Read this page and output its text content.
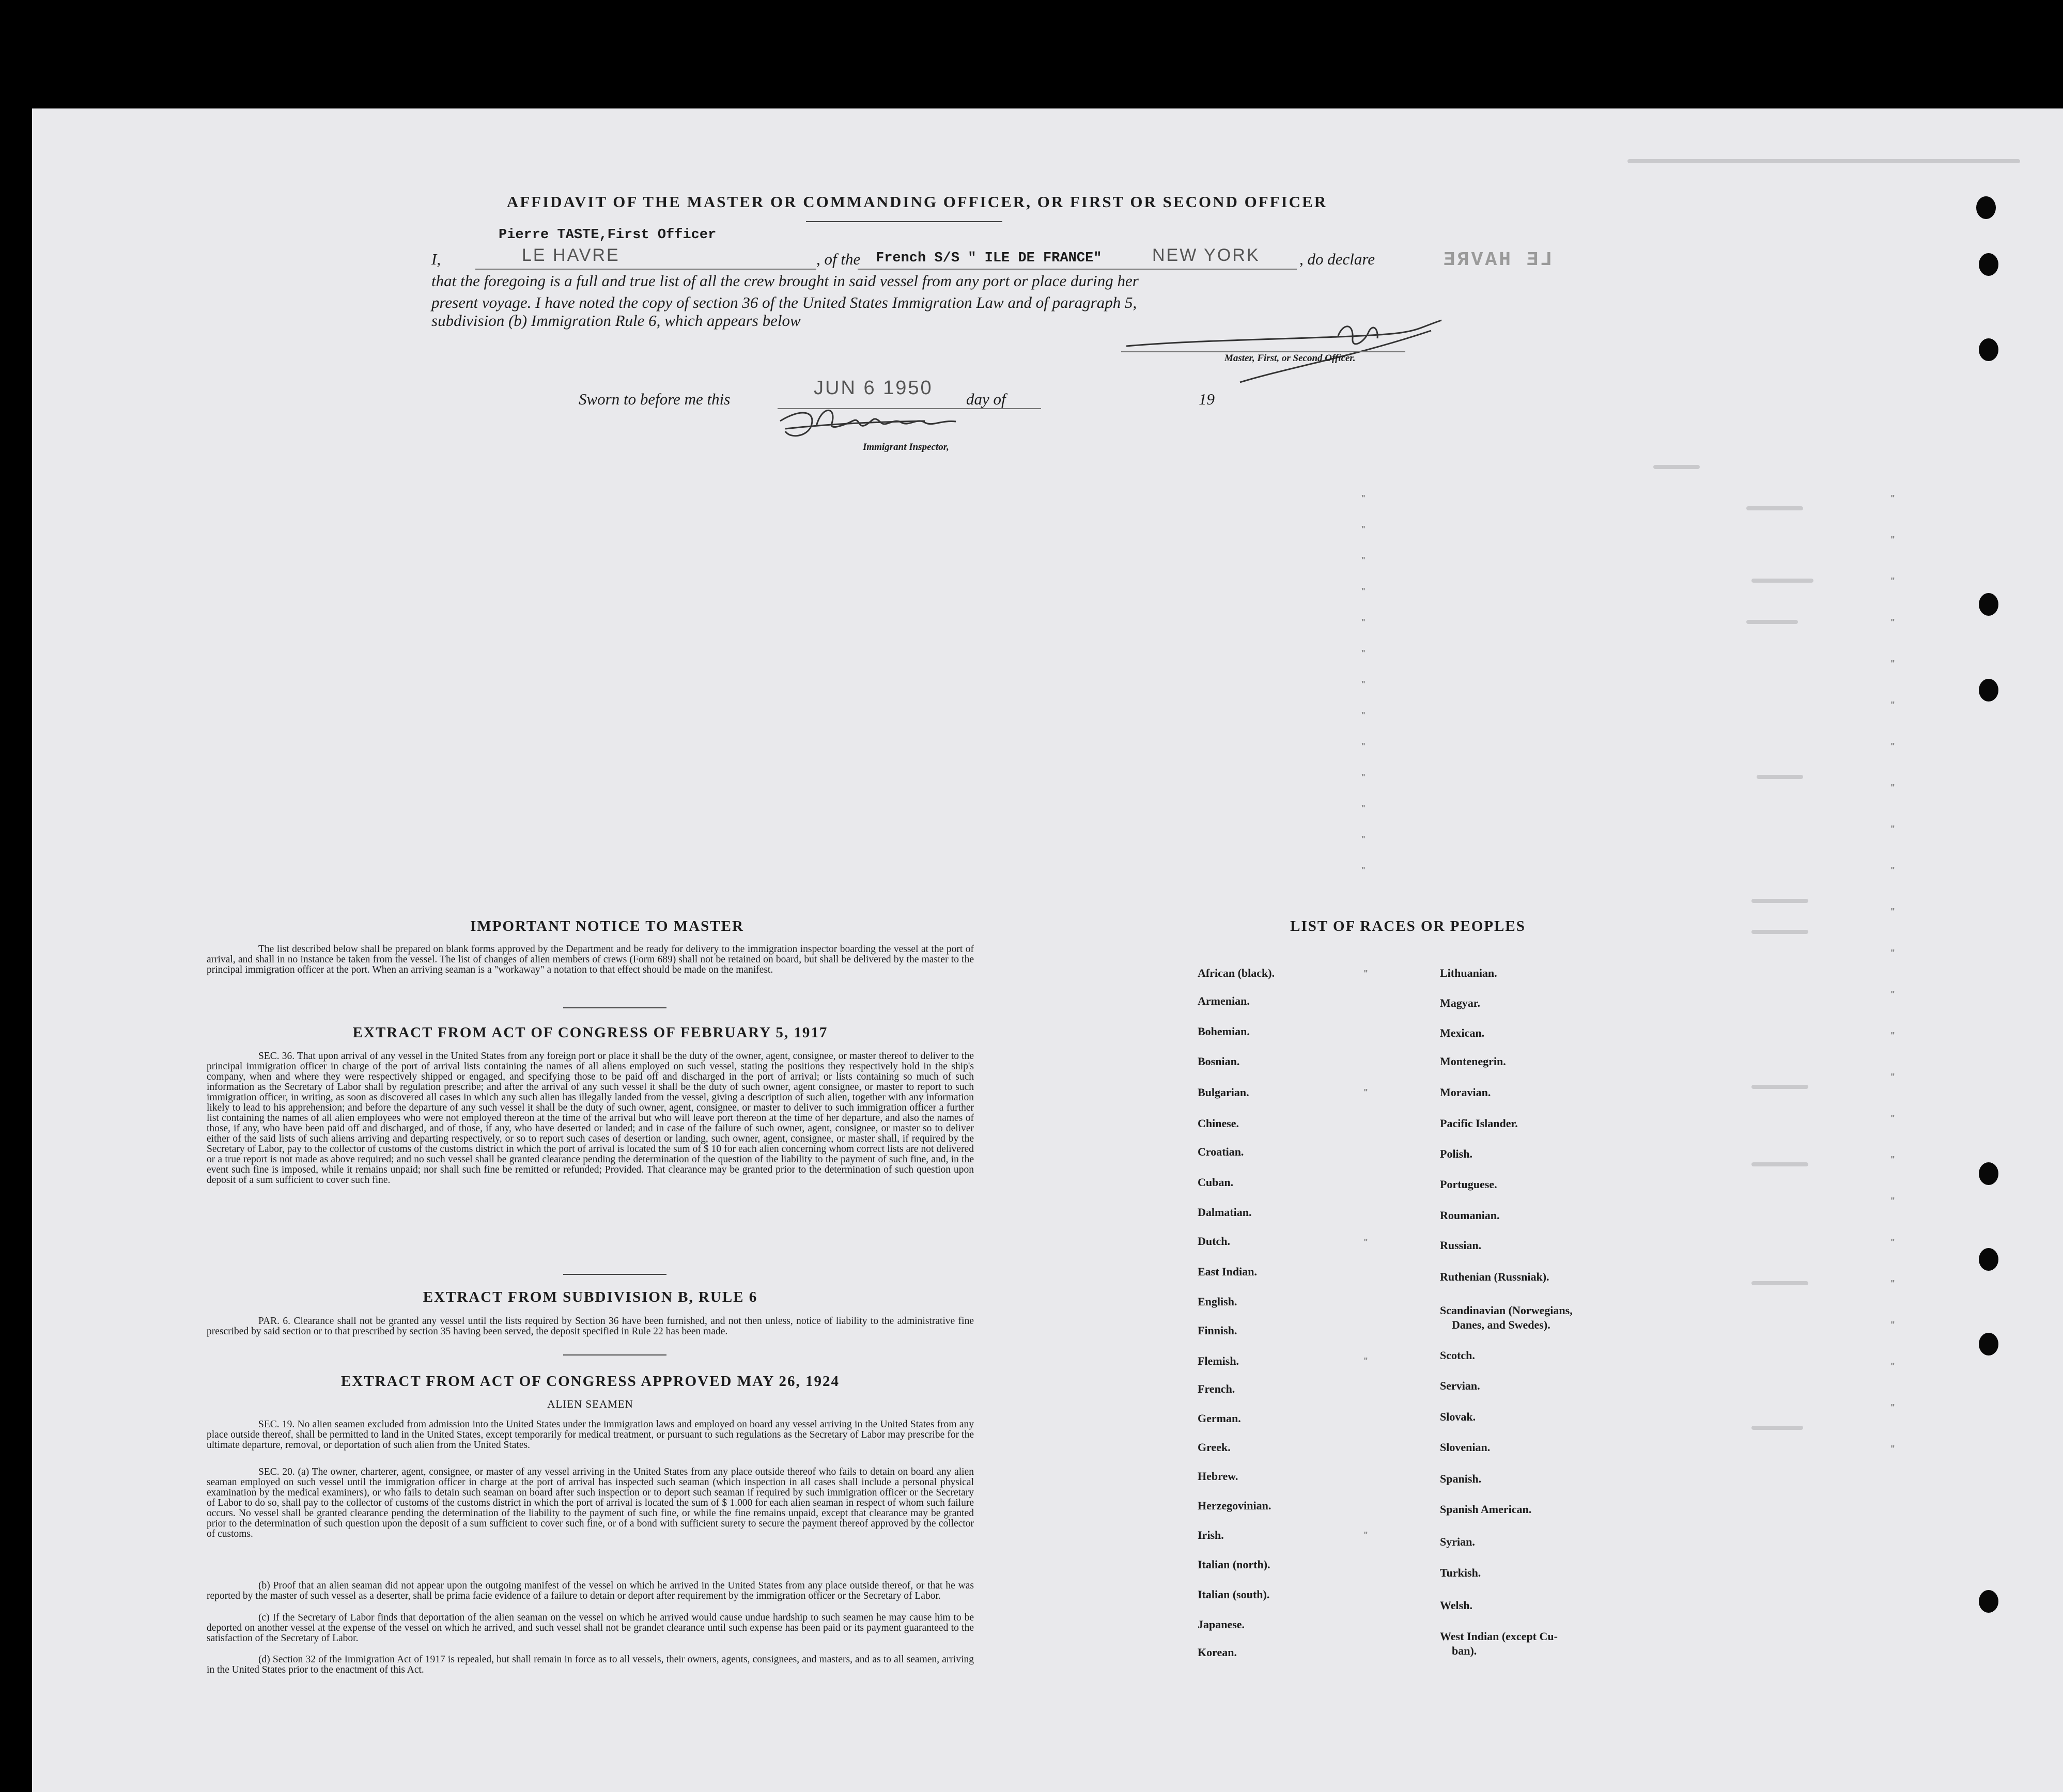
LE HAVRE
AFFIDAVIT OF THE MASTER OR COMMANDING OFFICER, OR FIRST OR SECOND OFFICER
Pierre TASTE,First Officer
I,	LE HAVRE	, of the French S/S " ILE DE FRANCE"	NEW YORK , do declare
that the foregoing is a full and true list of all the crew brought in said vessel from any port or place during her
present voyage. I have noted the copy of section 36 of the United States Immigration Law and of paragraph 5,
subdivision (b) Immigration Rule 6, which appears below
Master, First, or Second Officer.
Sworn to before me this
JUN 6 1950
day of	19
Immigrant Inspector,
"
"
"
"
"
"
"
"
"
"
"
"
"
"
"
"
"
"
"
"
"
"
"
"
"
"
"
"
"
"
"
"
"
"
"
"
"
IMPORTANT NOTICE TO MASTER
The list described below shall be prepared on blank forms approved by the Department and be ready for delivery to the immigration inspector boarding the vessel at the port of arrival, and shall in no instance be taken from the vessel. The list of changes of alien members of crews (Form 689) shall not be retained on board, but shall be delivered by the master to the principal immigration officer at the port. When an arriving seaman is a "workaway" a notation to that effect should be made on the manifest.
EXTRACT FROM ACT OF CONGRESS OF FEBRUARY 5, 1917
SEC. 36. That upon arrival of any vessel in the United States from any foreign port or place it shall be the duty of the owner, agent, consignee, or master thereof to deliver to the principal immigration officer in charge of the port of arrival lists containing the names of all aliens employed on such vessel, stating the positions they respectively hold in the ship's company, when and where they were respectively shipped or engaged, and specifying those to be paid off and discharged in the port of arrival; or lists containing so much of such information as the Secretary of Labor shall by regulation prescribe; and after the arrival of any such vessel it shall be the duty of such owner, agent consignee, or master to report to such immigration officer, in writing, as soon as discovered all cases in which any such alien has illegally landed from the vessel, giving a description of such alien, together with any information likely to lead to his apprehension; and before the departure of any such vessel it shall be the duty of such owner, agent, consignee, or master to deliver to such immigration officer a further list containing the names of all alien employees who were not employed thereon at the time of the arrival but who will leave port thereon at the time of her departure, and also the names of those, if any, who have been paid off and discharged, and of those, if any, who have deserted or landed; and in case of the failure of such owner, agent, consignee, or master so to deliver either of the said lists of such aliens arriving and departing respectively, or so to report such cases of desertion or landing, such owner, agent, consignee, or master shall, if required by the Secretary of Labor, pay to the collector of customs of the customs district in which the port of arrival is located the sum of $ 10 for each alien concerning whom correct lists are not delivered or a true report is not made as above required; and no such vessel shall be granted clearance pending the determination of the question of the liability to the payment of such fine, and, in the event such fine is imposed, while it remains unpaid; nor shall such fine be remitted or refunded; Provided. That clearance may be granted prior to the determination of such question upon deposit of a sum sufficient to cover such fine.
EXTRACT FROM SUBDIVISION B, RULE 6
PAR. 6. Clearance shall not be granted any vessel until the lists required by Section 36 have been furnished, and not then unless, notice of liability to the administrative fine prescribed by said section or to that prescribed by section 35 having been served, the deposit specified in Rule 22 has been made.
EXTRACT FROM ACT OF CONGRESS APPROVED MAY 26, 1924
ALIEN SEAMEN
SEC. 19. No alien seamen excluded from admission into the United States under the immigration laws and employed on board any vessel arriving in the United States from any place outside thereof, shall be permitted to land in the United States, except temporarily for medical treatment, or pursuant to such regulations as the Secretary of Labor may prescribe for the ultimate departure, removal, or deportation of such alien from the United States.
SEC. 20. (a) The owner, charterer, agent, consignee, or master of any vessel arriving in the United States from any place outside thereof who fails to detain on board any alien seaman employed on such vessel until the immigration officer in charge at the port of arrival has inspected such seaman (which inspection in all cases shall include a personal physical examination by the medical examiners), or who fails to detain such seaman on board after such inspection or to deport such seaman if required by such immigration officer or the Secretary of Labor to do so, shall pay to the collector of customs of the customs district in which the port of arrival is located the sum of $ 1.000 for each alien seaman in respect of whom such failure occurs. No vessel shall be granted clearance pending the determination of the liability to the payment of such fine, or while the fine remains unpaid, except that clearance may be granted prior to the determination of such question upon the deposit of a sum sufficient to cover such fine, or of a bond with sufficient surety to secure the payment thereof approved by the collector of customs.
(b) Proof that an alien seaman did not appear upon the outgoing manifest of the vessel on which he arrived in the United States from any place outside thereof, or that he was reported by the master of such vessel as a deserter, shall be prima facie evidence of a failure to detain or deport after requirement by the immigration officer or the Secretary of Labor.
(c) If the Secretary of Labor finds that deportation of the alien seaman on the vessel on which he arrived would cause undue hardship to such seamen he may cause him to be deported on another vessel at the expense of the vessel on which he arrived, and such vessel shall not be grandet clearance until such expense has been paid or its payment guaranteed to the satisfaction of the Secretary of Labor.
(d) Section 32 of the Immigration Act of 1917 is repealed, but shall remain in force as to all vessels, their owners, agents, consignees, and masters, and as to all seamen, arriving in the United States prior to the enactment of this Act.
LIST OF RACES OR PEOPLES
African (black).
Armenian.
Bohemian.
Bosnian.
Bulgarian.
Chinese.
Croatian.
Cuban.
Dalmatian.
Dutch.
East Indian.
English.
Finnish.
Flemish.
French.
German.
Greek.
Hebrew.
Herzegovinian.
Irish.
Italian (north).
Italian (south).
Japanese.
Korean.
Lithuanian.
Magyar.
Mexican.
Montenegrin.
Moravian.
Pacific Islander.
Polish.
Portuguese.
Roumanian.
Russian.
Ruthenian (Russniak).
Scandinavian (Norwegians,
Danes, and Swedes).
Scotch.
Servian.
Slovak.
Slovenian.
Spanish.
Spanish American.
Syrian.
Turkish.
Welsh.
West Indian (except Cu-
ban).
"
"
"
"
"
